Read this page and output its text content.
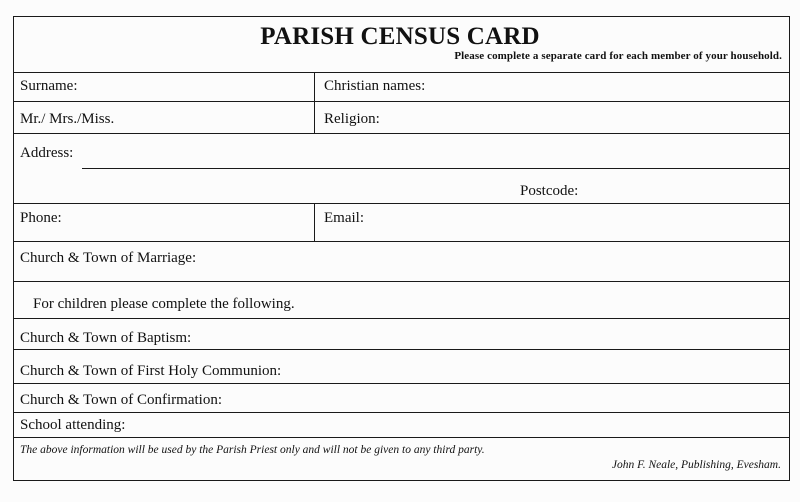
PARISH CENSUS CARD
Please complete a separate card for each member of your household.
Surname:	Christian names:
Mr./ Mrs./Miss.	Religion:
Address:
Postcode:
Phone:	Email:
Church & Town of Marriage:
For children please complete the following.
Church & Town of Baptism:
Church & Town of First Holy Communion:
Church & Town of Confirmation:
School attending:
The above information will be used by the Parish Priest only and will not be given to any third party.
John F. Neale, Publishing, Evesham.
